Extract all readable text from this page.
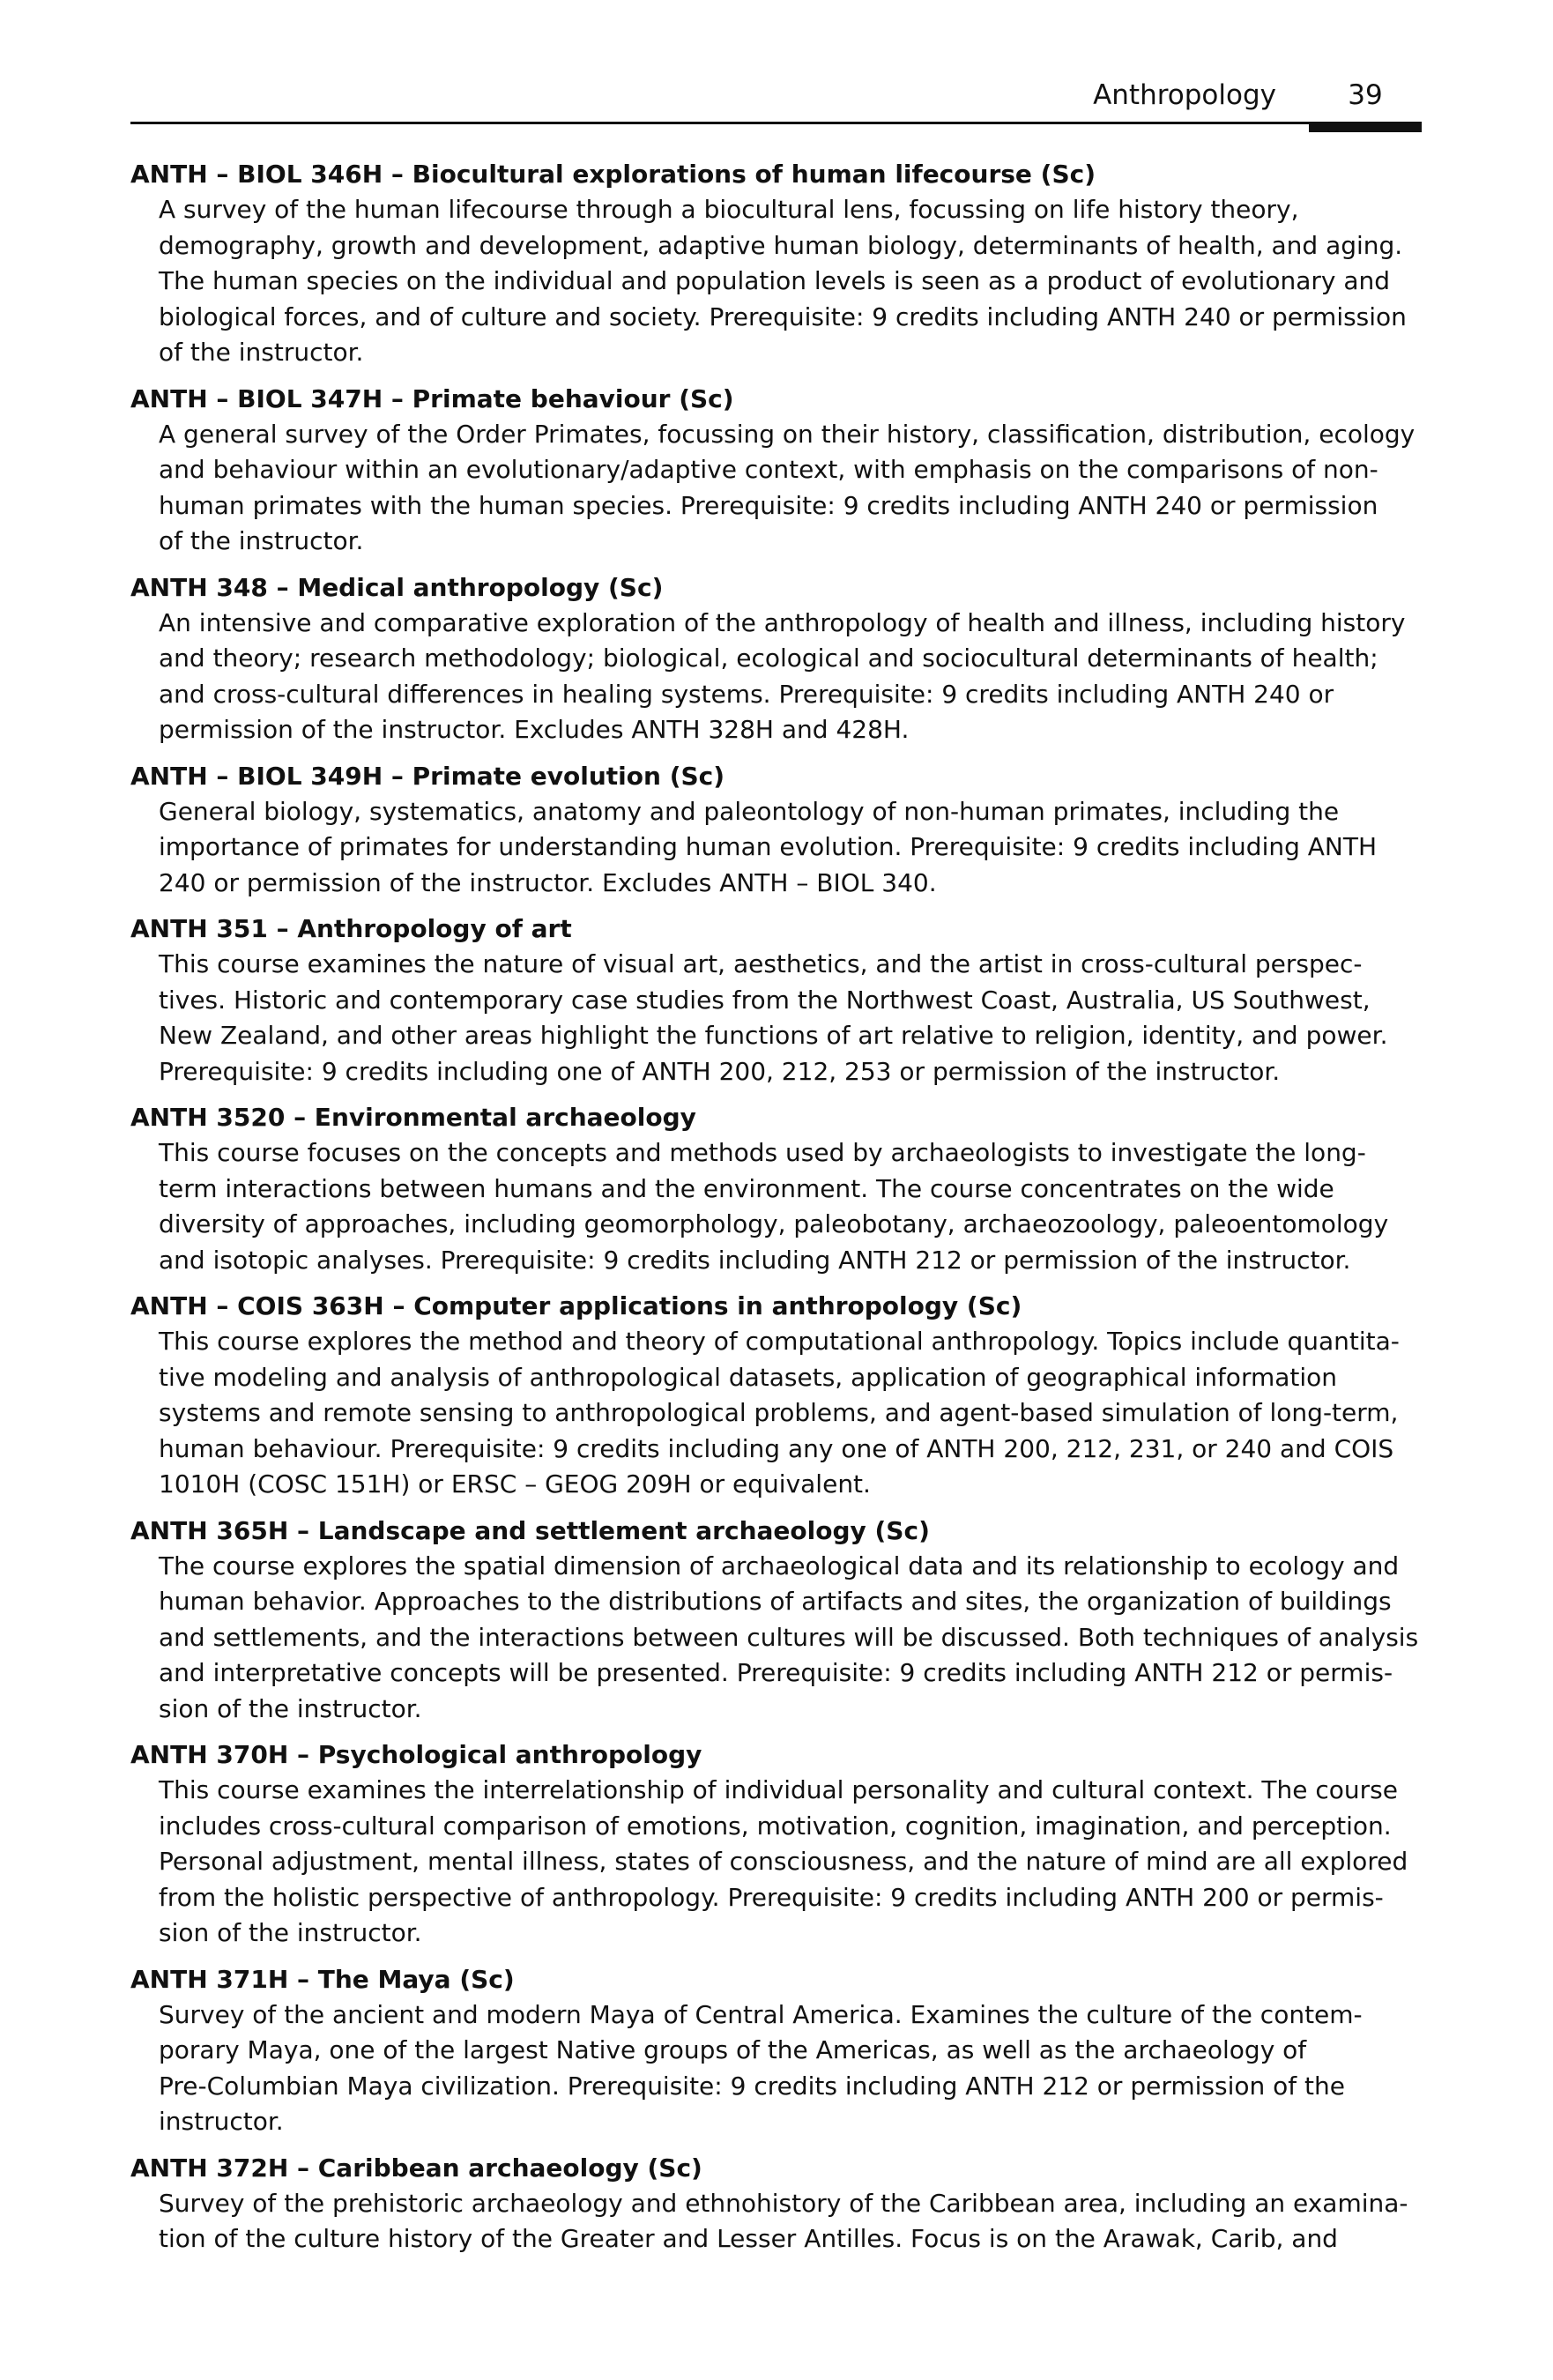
Anthropology	39
ANTH – BIOL 346H – Biocultural explorations of human lifecourse (Sc)
A survey of the human lifecourse through a biocultural lens, focussing on life history theory,
demography, growth and development, adaptive human biology, determinants of health, and aging.
The human species on the individual and population levels is seen as a product of evolutionary and
biological forces, and of culture and society. Prerequisite: 9 credits including ANTH 240 or permission
of the instructor.
ANTH – BIOL 347H – Primate behaviour (Sc)
A general survey of the Order Primates, focussing on their history, classification, distribution, ecology
and behaviour within an evolutionary/adaptive context, with emphasis on the comparisons of non-
human primates with the human species. Prerequisite: 9 credits including ANTH 240 or permission
of the instructor.
ANTH 348 – Medical anthropology (Sc)
An intensive and comparative exploration of the anthropology of health and illness, including history
and theory; research methodology; biological, ecological and sociocultural determinants of health;
and cross-cultural differences in healing systems. Prerequisite: 9 credits including ANTH 240 or
permission of the instructor. Excludes ANTH 328H and 428H.
ANTH – BIOL 349H – Primate evolution (Sc)
General biology, systematics, anatomy and paleontology of non-human primates, including the
importance of primates for understanding human evolution. Prerequisite: 9 credits including ANTH
240 or permission of the instructor. Excludes ANTH – BIOL 340.
ANTH 351 – Anthropology of art
This course examines the nature of visual art, aesthetics, and the artist in cross-cultural perspec-
tives. Historic and contemporary case studies from the Northwest Coast, Australia, US Southwest,
New Zealand, and other areas highlight the functions of art relative to religion, identity, and power.
Prerequisite: 9 credits including one of ANTH 200, 212, 253 or permission of the instructor.
ANTH 3520 – Environmental archaeology
This course focuses on the concepts and methods used by archaeologists to investigate the long-
term interactions between humans and the environment. The course concentrates on the wide
diversity of approaches, including geomorphology, paleobotany, archaeozoology, paleoentomology
and isotopic analyses. Prerequisite: 9 credits including ANTH 212 or permission of the instructor.
ANTH – COIS 363H – Computer applications in anthropology (Sc)
This course explores the method and theory of computational anthropology. Topics include quantita-
tive modeling and analysis of anthropological datasets, application of geographical information
systems and remote sensing to anthropological problems, and agent-based simulation of long-term,
human behaviour. Prerequisite: 9 credits including any one of ANTH 200, 212, 231, or 240 and COIS
1010H (COSC 151H) or ERSC – GEOG 209H or equivalent.
ANTH 365H – Landscape and settlement archaeology (Sc)
The course explores the spatial dimension of archaeological data and its relationship to ecology and
human behavior. Approaches to the distributions of artifacts and sites, the organization of buildings
and settlements, and the interactions between cultures will be discussed. Both techniques of analysis
and interpretative concepts will be presented. Prerequisite: 9 credits including ANTH 212 or permis-
sion of the instructor.
ANTH 370H – Psychological anthropology
This course examines the interrelationship of individual personality and cultural context. The course
includes cross-cultural comparison of emotions, motivation, cognition, imagination, and perception.
Personal adjustment, mental illness, states of consciousness, and the nature of mind are all explored
from the holistic perspective of anthropology. Prerequisite: 9 credits including ANTH 200 or permis-
sion of the instructor.
ANTH 371H – The Maya (Sc)
Survey of the ancient and modern Maya of Central America. Examines the culture of the contem-
porary Maya, one of the largest Native groups of the Americas, as well as the archaeology of
Pre-Columbian Maya civilization. Prerequisite: 9 credits including ANTH 212 or permission of the
instructor.
ANTH 372H – Caribbean archaeology (Sc)
Survey of the prehistoric archaeology and ethnohistory of the Caribbean area, including an examina-
tion of the culture history of the Greater and Lesser Antilles. Focus is on the Arawak, Carib, and
